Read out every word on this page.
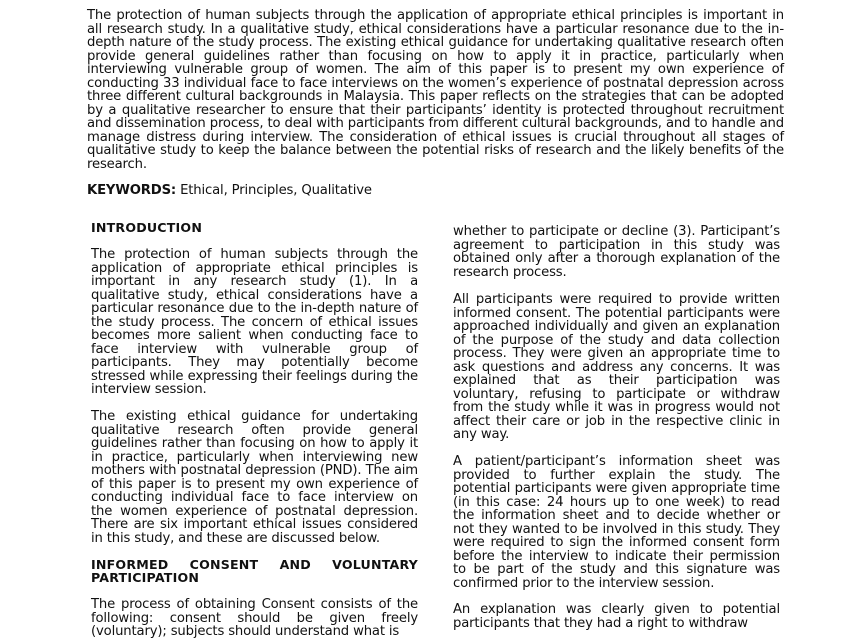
The protection of human subjects through the application of appropriate ethical principles is important in all research study. In a qualitative study, ethical considerations have a particular resonance due to the in-depth nature of the study process. The existing ethical guidance for undertaking qualitative research often provide general guidelines rather than focusing on how to apply it in practice, particularly when interviewing vulnerable group of women. The aim of this paper is to present my own experience of conducting 33 individual face to face interviews on the women’s experience of postnatal depression across three different cultural backgrounds in Malaysia. This paper reflects on the strategies that can be adopted by a qualitative researcher to ensure that their participants’ identity is protected throughout recruitment and dissemination process, to deal with participants from different cultural backgrounds, and to handle and manage distress during interview. The consideration of ethical issues is crucial throughout all stages of qualitative study to keep the balance between the potential risks of research and the likely benefits of the research.

KEYWORDS: Ethical, Principles, Qualitative

INTRODUCTION

The protection of human subjects through the application of appropriate ethical principles is important in any research study (1). In a qualitative study, ethical considerations have a particular resonance due to the in-depth nature of the study process. The concern of ethical issues becomes more salient when conducting face to face interview with vulnerable group of participants. They may potentially become stressed while expressing their feelings during the interview session.

The existing ethical guidance for undertaking qualitative research often provide general guidelines rather than focusing on how to apply it in practice, particularly when interviewing new mothers with postnatal depression (PND). The aim of this paper is to present my own experience of conducting individual face to face interview on the women experience of postnatal depression. There are six important ethical issues considered in this study, and these are discussed below.

INFORMED CONSENT AND VOLUNTARY
PARTICIPATION

The process of obtaining Consent consists of the following: consent should be given freely (voluntary); subjects should understand what is

whether to participate or decline (3). Participant’s agreement to participation in this study was obtained only after a thorough explanation of the research process.

All participants were required to provide written informed consent. The potential participants were approached individually and given an explanation of the purpose of the study and data collection process. They were given an appropriate time to ask questions and address any concerns. It was explained that as their participation was voluntary, refusing to participate or withdraw from the study while it was in progress would not affect their care or job in the respective clinic in any way.

A patient/participant’s information sheet was provided to further explain the study. The potential participants were given appropriate time (in this case: 24 hours up to one week) to read the information sheet and to decide whether or not they wanted to be involved in this study. They were required to sign the informed consent form before the interview to indicate their permission to be part of the study and this signature was confirmed prior to the interview session.

An explanation was clearly given to potential participants that they had a right to withdraw
